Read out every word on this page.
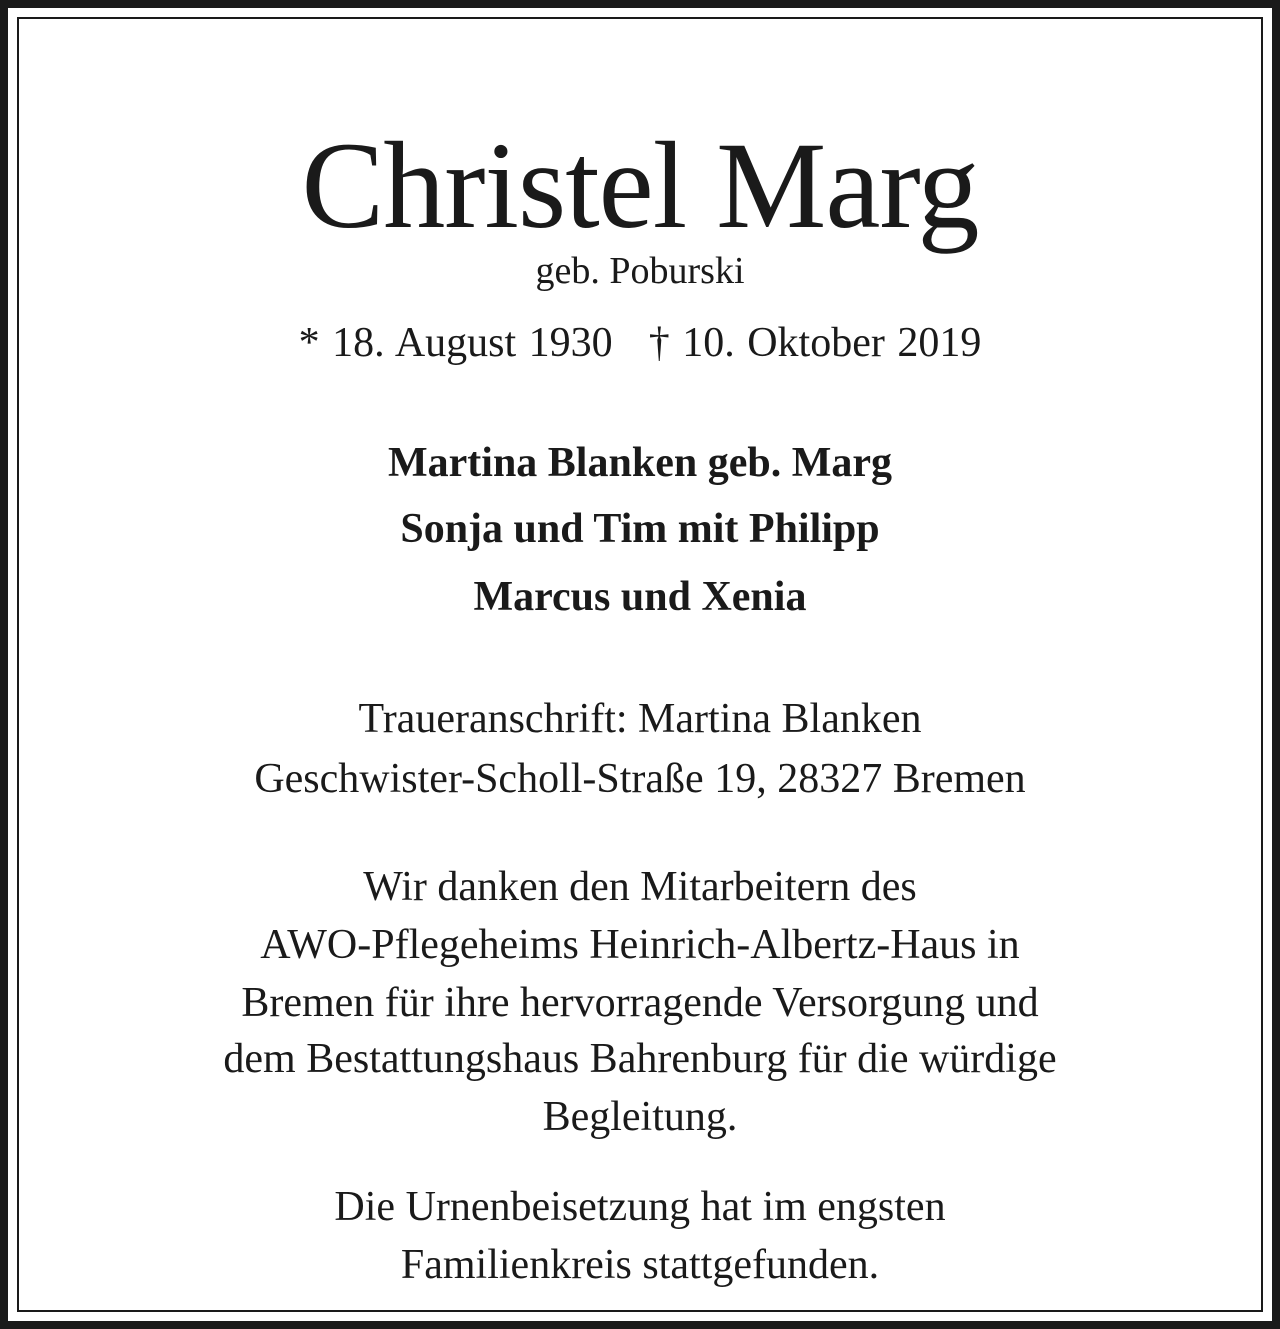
Christel Marg
geb. Poburski
* 18. August 1930 † 10. Oktober 2019
Martina Blanken geb. Marg
Sonja und Tim mit Philipp
Marcus und Xenia
Traueranschrift: Martina Blanken
Geschwister-Scholl-Straße 19, 28327 Bremen
Wir danken den Mitarbeitern des
AWO-Pflegeheims Heinrich-Albertz-Haus in
Bremen für ihre hervorragende Versorgung und
dem Bestattungshaus Bahrenburg für die würdige
Begleitung.
Die Urnenbeisetzung hat im engsten
Familienkreis stattgefunden.
